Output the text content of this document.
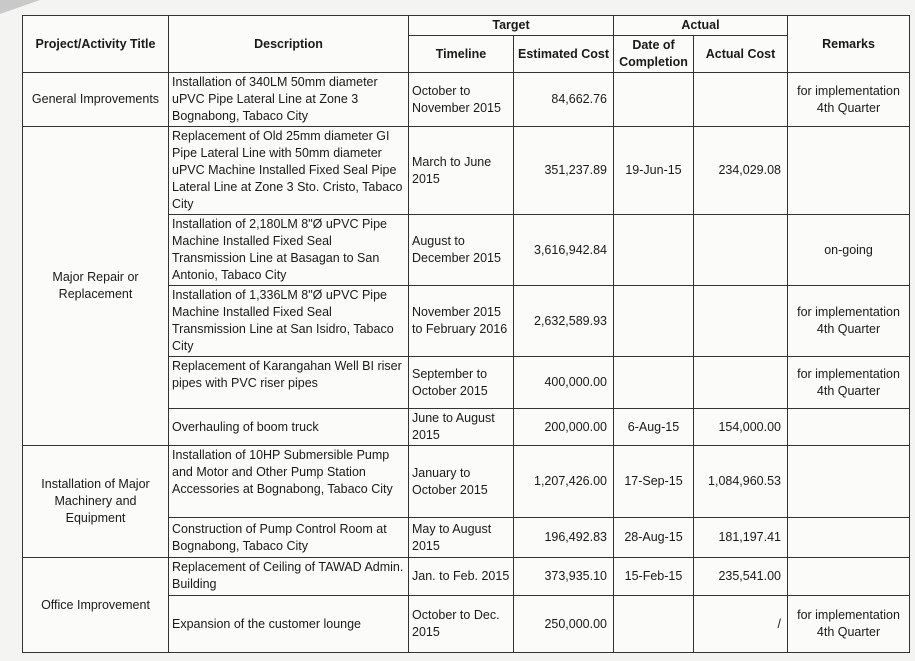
Project/Activity Title	Description	Target		Actual		Remarks
		Timeline	Estimated Cost	Date of Completion	Actual Cost	
General Improvements	Installation of 340LM 50mm diameter uPVC Pipe Lateral Line at Zone 3 Bognabong, Tabaco City	October to November 2015	84,662.76			for implementation 4th Quarter
Major Repair or Replacement	Replacement of Old 25mm diameter GI Pipe Lateral Line with 50mm diameter uPVC Machine Installed Fixed Seal Pipe Lateral Line at Zone 3 Sto. Cristo, Tabaco City	March to June 2015	351,237.89	19-Jun-15	234,029.08	
	Installation of 2,180LM 8"Ø uPVC Pipe Machine Installed Fixed Seal Transmission Line at Basagan to San Antonio, Tabaco City	August to December 2015	3,616,942.84			on-going
	Installation of 1,336LM 8"Ø uPVC Pipe Machine Installed Fixed Seal Transmission Line at San Isidro, Tabaco City	November 2015 to February 2016	2,632,589.93			for implementation 4th Quarter
	Replacement of Karangahan Well BI riser pipes with PVC riser pipes	September to October 2015	400,000.00			for implementation 4th Quarter
	Overhauling of boom truck	June to August 2015	200,000.00	6-Aug-15	154,000.00	
Installation of Major Machinery and Equipment	Installation of 10HP Submersible Pump and Motor and Other Pump Station Accessories at Bognabong, Tabaco City	January to October 2015	1,207,426.00	17-Sep-15	1,084,960.53	
	Construction of Pump Control Room at Bognabong, Tabaco City	May to August 2015	196,492.83	28-Aug-15	181,197.41	
Office Improvement	Replacement of Ceiling of TAWAD Admin. Building	Jan. to Feb. 2015	373,935.10	15-Feb-15	235,541.00	
	Expansion of the customer lounge	October to Dec. 2015	250,000.00		/	for implementation 4th Quarter
